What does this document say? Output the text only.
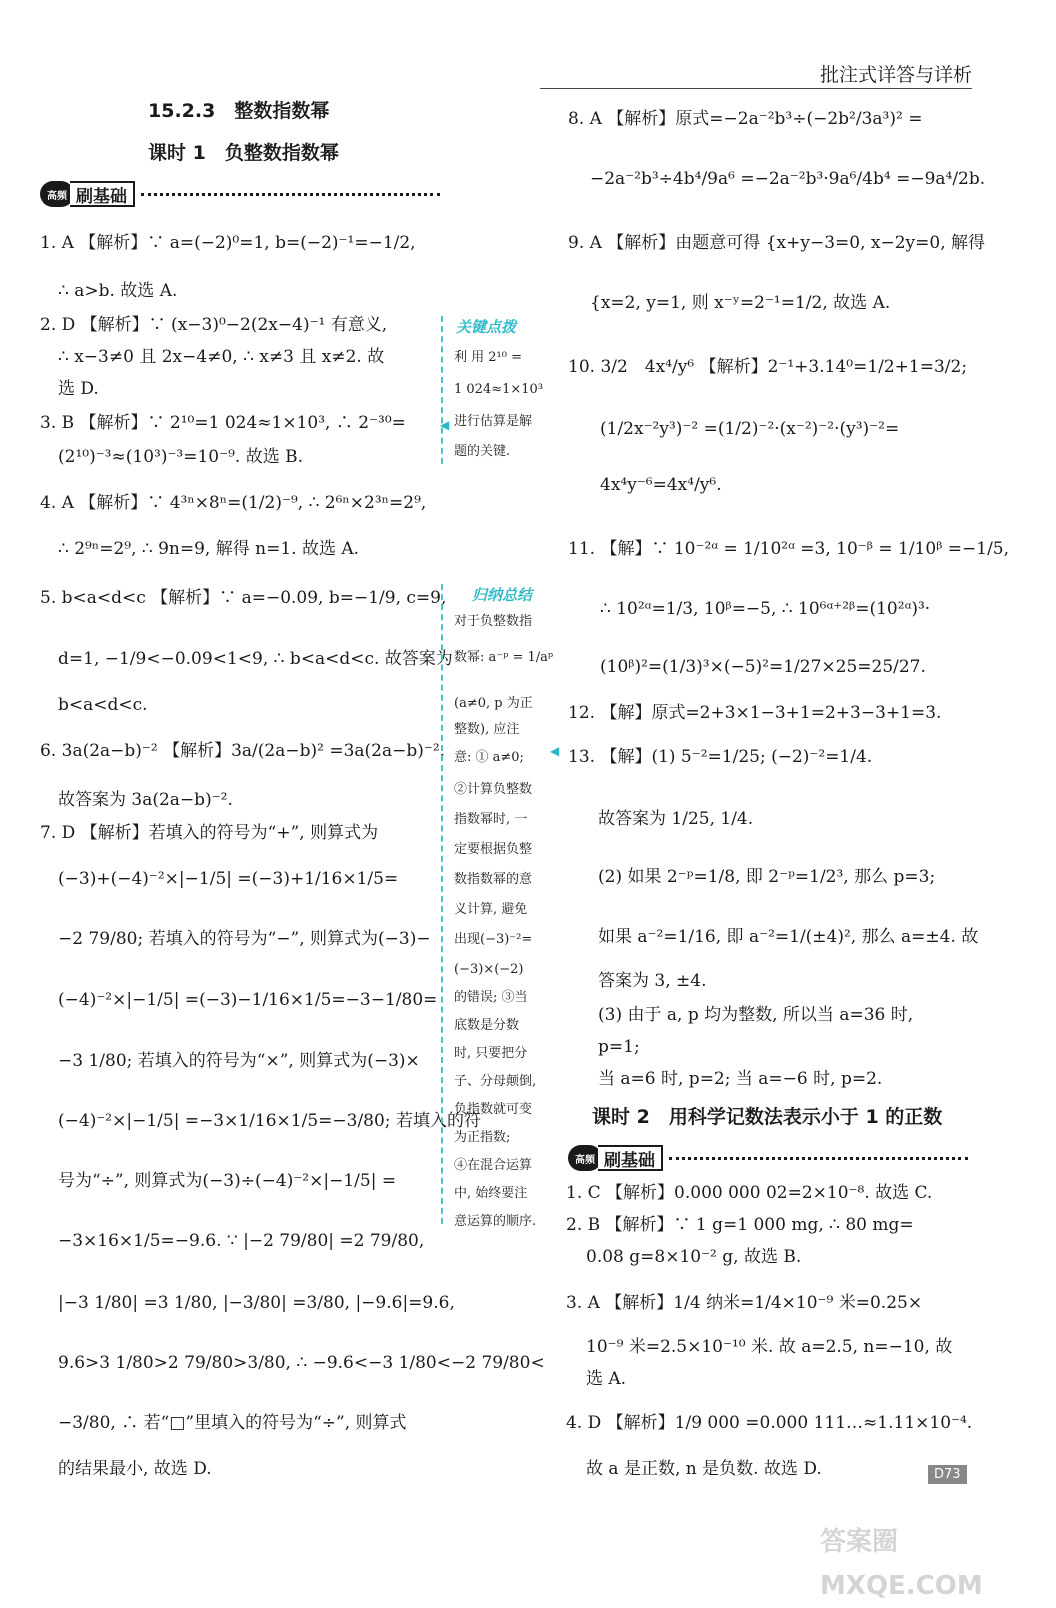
批注式详答与详析
15.2.3　整数指数幂
课时 1　负整数指数幂
高频 刷基础
1. A 【解析】∵ a=(−2)⁰=1, b=(−2)⁻¹=−1/2,
∴ a>b. 故选 A.
2. D 【解析】∵ (x−3)⁰−2(2x−4)⁻¹ 有意义,
∴ x−3≠0 且 2x−4≠0, ∴ x≠3 且 x≠2. 故
选 D.
3. B 【解析】∵ 2¹⁰=1 024≈1×10³, ∴ 2⁻³⁰=
(2¹⁰)⁻³≈(10³)⁻³=10⁻⁹. 故选 B.
4. A 【解析】∵ 4³ⁿ×8ⁿ=(1/2)⁻⁹, ∴ 2⁶ⁿ×2³ⁿ=2⁹,
∴ 2⁹ⁿ=2⁹, ∴ 9n=9, 解得 n=1. 故选 A.
5. b<a<d<c 【解析】∵ a=−0.09, b=−1/9, c=9,
d=1, −1/9<−0.09<1<9, ∴ b<a<d<c. 故答案为
b<a<d<c.
6. 3a(2a−b)⁻² 【解析】3a/(2a−b)² =3a(2a−b)⁻².
故答案为 3a(2a−b)⁻².
7. D 【解析】若填入的符号为“+”, 则算式为
(−3)+(−4)⁻²×|−1/5| =(−3)+1/16×1/5=
−2 79/80; 若填入的符号为“−”, 则算式为(−3)−
(−4)⁻²×|−1/5| =(−3)−1/16×1/5=−3−1/80=
−3 1/80; 若填入的符号为“×”, 则算式为(−3)×
(−4)⁻²×|−1/5| =−3×1/16×1/5=−3/80; 若填入的符
号为“÷”, 则算式为(−3)÷(−4)⁻²×|−1/5| =
−3×16×1/5=−9.6. ∵ |−2 79/80| =2 79/80,
|−3 1/80| =3 1/80, |−3/80| =3/80, |−9.6|=9.6,
9.6>3 1/80>2 79/80>3/80, ∴ −9.6<−3 1/80<−2 79/80<
−3/80, ∴ 若“□”里填入的符号为“÷”, 则算式
的结果最小, 故选 D.
◀
关键点拨
利 用 2¹⁰ =
1 024≈1×10³
进行估算是解
题的关键.
◀
归纳总结
对于负整数指
数幂: a⁻ᵖ = 1/aᵖ
(a≠0, p 为正
整数), 应注
意: ① a≠0;
②计算负整数
指数幂时, 一
定要根据负整
数指数幂的意
义计算, 避免
出现(−3)⁻²=
(−3)×(−2)
的错误; ③当
底数是分数
时, 只要把分
子、分母颠倒,
负指数就可变
为正指数;
④在混合运算
中, 始终要注
意运算的顺序.
8. A 【解析】原式=−2a⁻²b³÷(−2b²/3a³)² =
−2a⁻²b³÷4b⁴/9a⁶ =−2a⁻²b³·9a⁶/4b⁴ =−9a⁴/2b.
9. A 【解析】由题意可得 {x+y−3=0, x−2y=0, 解得
{x=2, y=1, 则 x⁻ʸ=2⁻¹=1/2, 故选 A.
10. 3/2　4x⁴/y⁶ 【解析】2⁻¹+3.14⁰=1/2+1=3/2;
(1/2x⁻²y³)⁻² =(1/2)⁻²·(x⁻²)⁻²·(y³)⁻²=
4x⁴y⁻⁶=4x⁴/y⁶.
11. 【解】∵ 10⁻²ᵅ = 1/10²ᵅ =3, 10⁻ᵝ = 1/10ᵝ =−1/5,
∴ 10²ᵅ=1/3, 10ᵝ=−5, ∴ 10⁶ᵅ⁺²ᵝ=(10²ᵅ)³·
(10ᵝ)²=(1/3)³×(−5)²=1/27×25=25/27.
12. 【解】原式=2+3×1−3+1=2+3−3+1=3.
13. 【解】(1) 5⁻²=1/25; (−2)⁻²=1/4.
故答案为 1/25, 1/4.
(2) 如果 2⁻ᵖ=1/8, 即 2⁻ᵖ=1/2³, 那么 p=3;
如果 a⁻²=1/16, 即 a⁻²=1/(±4)², 那么 a=±4. 故
答案为 3, ±4.
(3) 由于 a, p 均为整数, 所以当 a=36 时,
p=1;
当 a=6 时, p=2; 当 a=−6 时, p=2.
课时 2　用科学记数法表示小于 1 的正数
高频 刷基础
1. C 【解析】0.000 000 02=2×10⁻⁸. 故选 C.
2. B 【解析】∵ 1 g=1 000 mg, ∴ 80 mg=
0.08 g=8×10⁻² g, 故选 B.
3. A 【解析】1/4 纳米=1/4×10⁻⁹ 米=0.25×
10⁻⁹ 米=2.5×10⁻¹⁰ 米. 故 a=2.5, n=−10, 故
选 A.
4. D 【解析】1/9 000 =0.000 111…≈1.11×10⁻⁴.
故 a 是正数, n 是负数. 故选 D.	D73
答案圈 MXQE.COM
